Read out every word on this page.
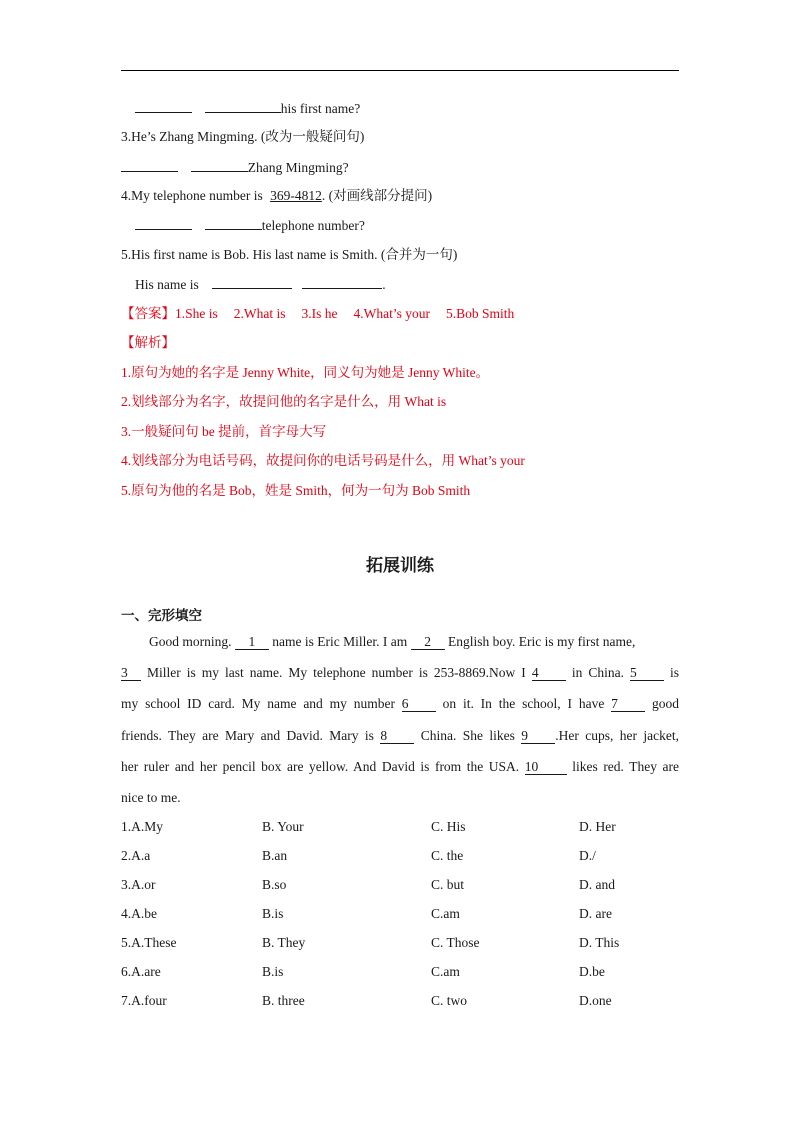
his first name?
3.He’s Zhang Mingming. (改为一般疑问句)
Zhang Mingming?
4.My telephone number is 369-4812. (对画线部分提问)
telephone number?
5.His first name is Bob. His last name is Smith. (合并为一句)
His name is	.
【答案】1.She is 2.What is 3.Is he 4.What’s your 5.Bob Smith
【解析】
1.原句为她的名字是 Jenny White，同义句为她是 Jenny White。
2.划线部分为名字，故提问他的名字是什么，用 What is
3.一般疑问句 be 提前，首字母大写
4.划线部分为电话号码，故提问你的电话号码是什么，用 What’s your
5.原句为他的名是 Bob，姓是 Smith，何为一句为 Bob Smith
拓展训练
一、完形填空
Good morning. 1 name is Eric Miller. I am 2 English boy. Eric is my first name,
3 Miller is my last name. My telephone number is 253-8869.Now I 4 in China. 5 is
my school ID card. My name and my number 6 on it. In the school, I have 7 good
friends. They are Mary and David. Mary is 8 China. She likes 9 .Her cups, her jacket,
her ruler and her pencil box are yellow. And David is from the USA. 10 likes red. They are
nice to me.
1.A.My	B. Your	C. His	D. Her
2.A.a	B.an	C. the	D./
3.A.or	B.so	C. but	D. and
4.A.be	B.is	C.am	D. are
5.A.These	B. They	C. Those	D. This
6.A.are	B.is	C.am	D.be
7.A.four	B. three	C. two	D.one
